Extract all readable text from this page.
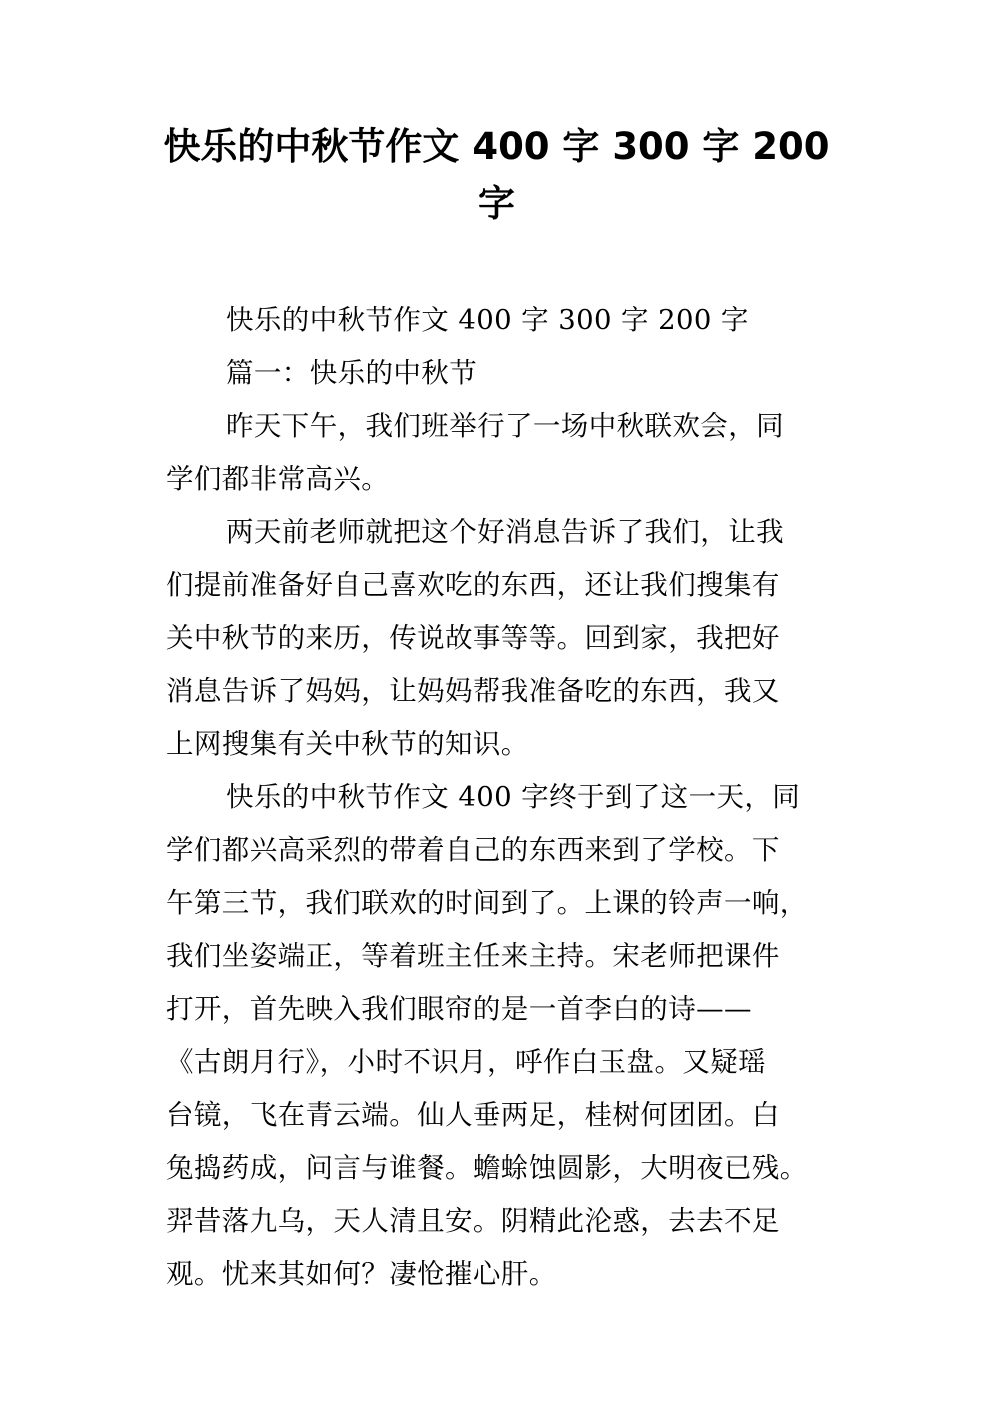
快乐的中秋节作文 400 字 300 字 200
字
快乐的中秋节作文 400 字 300 字 200 字
篇一：快乐的中秋节
昨天下午，我们班举行了一场中秋联欢会，同
学们都非常高兴。
两天前老师就把这个好消息告诉了我们，让我
们提前准备好自己喜欢吃的东西，还让我们搜集有
关中秋节的来历，传说故事等等。回到家，我把好
消息告诉了妈妈，让妈妈帮我准备吃的东西，我又
上网搜集有关中秋节的知识。
快乐的中秋节作文 400 字终于到了这一天，同
学们都兴高采烈的带着自己的东西来到了学校。下
午第三节，我们联欢的时间到了。上课的铃声一响，
我们坐姿端正，等着班主任来主持。宋老师把课件
打开，首先映入我们眼帘的是一首李白的诗——
《古朗月行》，小时不识月，呼作白玉盘。又疑瑶
台镜，飞在青云端。仙人垂两足，桂树何团团。白
兔捣药成，问言与谁餐。蟾蜍蚀圆影，大明夜已残。
羿昔落九乌，天人清且安。阴精此沦惑，去去不足
观。忧来其如何？凄怆摧心肝。
